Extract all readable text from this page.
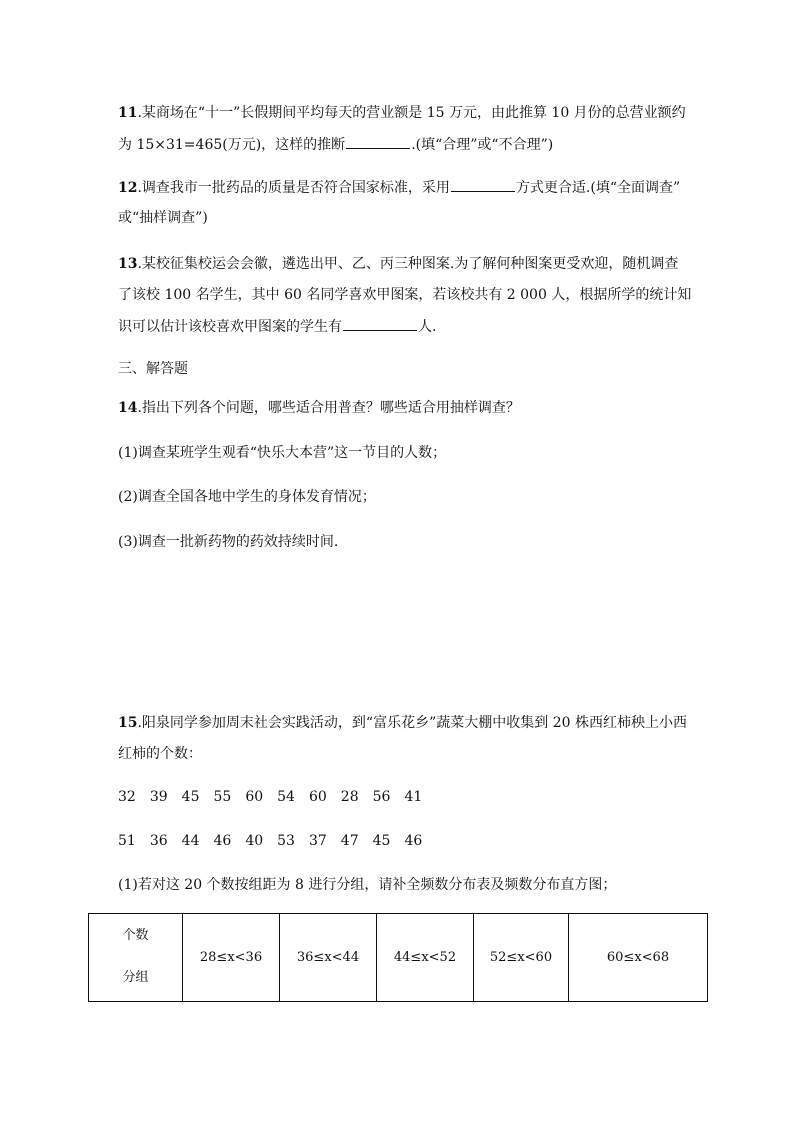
11.某商场在“十一”长假期间平均每天的营业额是 15 万元，由此推算 10 月份的总营业额约
为 15×31=465(万元)，这样的推断	.(填“合理”或“不合理”)
12.调查我市一批药品的质量是否符合国家标准，采用	方式更合适.(填“全面调查”
或“抽样调查”)
13.某校征集校运会会徽，遴选出甲、乙、丙三种图案.为了解何种图案更受欢迎，随机调查
了该校 100 名学生，其中 60 名同学喜欢甲图案，若该校共有 2 000 人，根据所学的统计知
识可以估计该校喜欢甲图案的学生有	人.
三、解答题
14.指出下列各个问题，哪些适合用普查？哪些适合用抽样调查？
(1)调查某班学生观看“快乐大本营”这一节目的人数；
(2)调查全国各地中学生的身体发育情况；
(3)调查一批新药物的药效持续时间.
15.阳泉同学参加周末社会实践活动，到“富乐花乡”蔬菜大棚中收集到 20 株西红柿秧上小西
红柿的个数：
32 39 45 55 60 54 60 28 56 41
51 36 44 46 40 53 37 47 45 46
(1)若对这 20 个数按组距为 8 进行分组，请补全频数分布表及频数分布直方图；
个数
分组
	28≤x<36	36≤x<44	44≤x<52	52≤x<60	60≤x<68
